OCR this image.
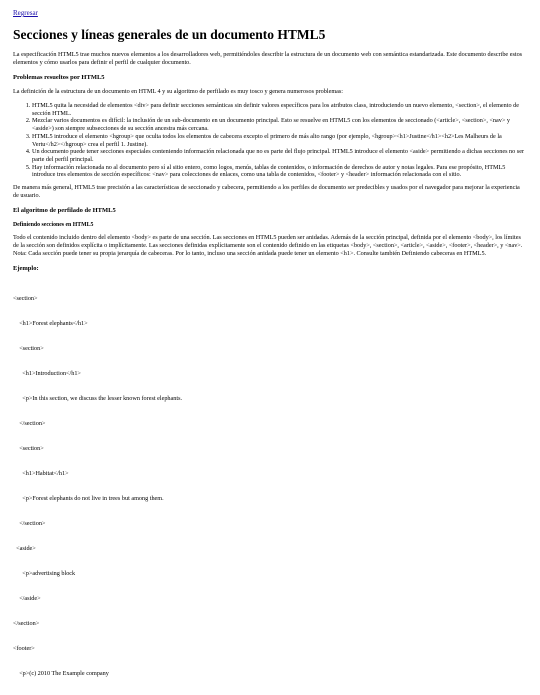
Regresar
Secciones y líneas generales de un documento HTML5

La especificación HTML5 trae muchos nuevos elementos a los desarrolladores web, permitiéndoles describir la estructura de un documento web con semántica estandarizada. Este documento describe estos elementos y cómo usarlos para definir el perfil de cualquier documento.

Problemas resueltos por HTML5

La definición de la estructura de un documento en HTML 4 y su algoritmo de perfilado es muy tosco y genera numerosos problemas:

1. HTML5 quita la necesidad de elementos <div> para definir secciones semánticas sin definir valores específicos para los atributos class, introduciendo un nuevo elemento, <section>, el elemento de sección HTML.
2. Mezclar varios documentos es difícil: la inclusión de un sub-documento en un documento principal. Esto se resuelve en HTML5 con los elementos de seccionado (<article>, <section>, <nav> y <aside>) son siempre subsecciones de su sección ancestra más cercana.
3. HTML5 introduce el elemento <hgroup> que oculta todos los elementos de cabecera excepto el primero de más alto rango (por ejemplo, <hgroup><h1>Justine</h1><h2>Les Malheurs de la Vertu</h2></hgroup> crea el perfil 1. Justine).
4. Un documento puede tener secciones especiales conteniendo información relacionada que no es parte del flujo principal. HTML5 introduce el elemento <aside> permitiendo a dichas secciones no ser parte del perfil principal.
5. Hay información relacionada no al documento pero sí al sitio entero, como logos, menús, tablas de contenidos, o información de derechos de autor y notas legales. Para ese propósito, HTML5 introduce tres elementos de sección específicos: <nav> para colecciones de enlaces, como una tabla de contenidos, <footer> y <header> información relacionada con el sitio.

De manera más general, HTML5 trae precisión a las características de seccionado y cabecera, permitiendo a los perfiles de documento ser predecibles y usados por el navegador para mejorar la experiencia de usuario.

El algoritmo de perfilado de HTML5
Definiendo secciones en HTML5

Todo el contenido incluido dentro del elemento <body> es parte de una sección. Las secciones en HTML5 pueden ser anidadas. Además de la sección principal, definida por el elemento <body>, los límites de la sección son definidos explícita o implícitamente. Las secciones definidas explícitamente son el contenido definido en las etiquetas <body>, <section>, <article>, <aside>, <footer>, <header>, y <nav>. Nota: Cada sección puede tener su propia jerarquía de cabeceras. Por lo tanto, incluso una sección anidada puede tener un elemento <h1>. Consulte también Definiendo cabeceras en HTML5.

Ejemplo:

<section>

<h1>Forest elephants</h1>

<section>

<h1>Introduction</h1>

<p>In this section, we discuss the lesser known forest elephants.

</section>

<section>

<h1>Habitat</h1>

<p>Forest elephants do not live in trees but among them.

</section>

<aside>

<p>advertising block

</aside>

</section>

<footer>

<p>(c) 2010 The Example company
